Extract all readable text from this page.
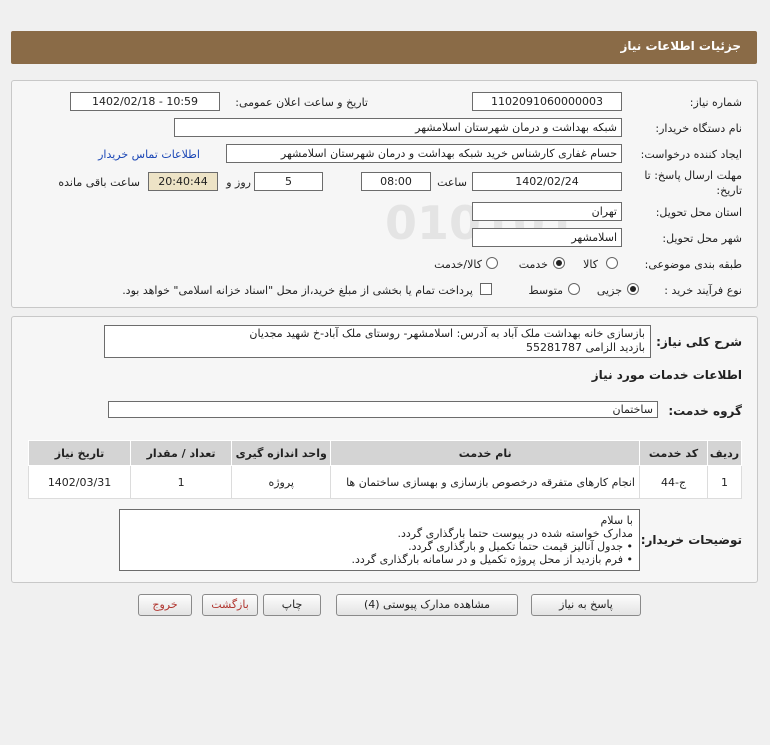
جزئیات اطلاعات نیاز
شماره نیاز:
1102091060000003
تاریخ و ساعت اعلان عمومی:
1402/02/18 - 10:59
نام دستگاه خریدار:
شبکه بهداشت و درمان شهرستان اسلامشهر
ایجاد کننده درخواست:
حسام غفاری کارشناس خرید شبکه بهداشت و درمان شهرستان اسلامشهر
اطلاعات تماس خریدار
مهلت ارسال پاسخ: تا
تاریخ:
1402/02/24
ساعت
08:00
5
روز و
20:40:44
ساعت باقی مانده
استان محل تحویل:
تهران
شهر محل تحویل:
اسلامشهر
طبقه بندی موضوعی:
کالا
خدمت
کالا/خدمت
نوع فرآیند خرید :
جزیی
متوسط
پرداخت تمام یا بخشی از مبلغ خرید،از محل "اسناد خزانه اسلامی" خواهد بود.
شرح کلی نیاز:
بازسازی خانه بهداشت ملک آباد به آدرس: اسلامشهر- روستای ملک آباد-خ شهید مجدیان
بازدید الزامی 55281787
اطلاعات خدمات مورد نیاز
گروه خدمت:
ساختمان
ردیف	کد خدمت	نام خدمت	واحد اندازه گیری	تعداد / مقدار	تاریخ نیاز
1	ج-44	انجام کارهای متفرقه درخصوص بازسازی و بهسازی ساختمان ها	پروژه	1	1402/03/31
توضیحات خریدار:
با سلام
مدارک خواسته شده در پیوست حتما بارگذاری گردد.
• جدول آنالیز قیمت حتما تکمیل و بارگذاری گردد.
• فرم بازدید از محل پروژه تکمیل و در سامانه بارگذاری گردد.
پاسخ به نیاز
مشاهده مدارک پیوستی (4)
چاپ
بازگشت
خروج
